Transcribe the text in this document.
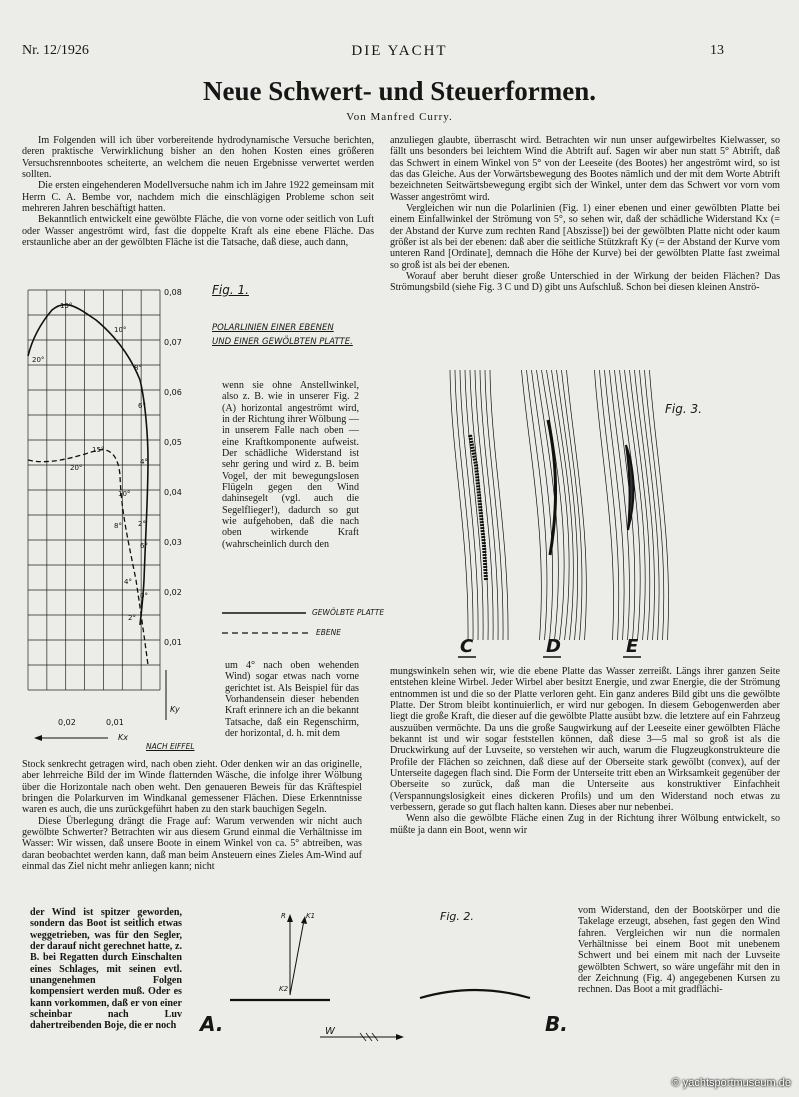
Nr. 12/1926	DIE YACHT	13
Neue Schwert- und Steuerformen.
Von Manfred Curry.

Im Folgenden will ich über vorbereitende hydrodynamische Versuche berichten, deren praktische Verwirklichung bisher an den hohen Kosten eines größeren Versuchsrennbootes scheiterte, an welchem die neuen Ergebnisse verwertet werden sollten.

Die ersten eingehenderen Modellversuche nahm ich im Jahre 1922 gemeinsam mit Herrn C. A. Bembe vor, nachdem mich die einschlägigen Probleme schon seit mehreren Jahren beschäftigt hatten.

Bekanntlich entwickelt eine gewölbte Fläche, die von vorne oder seitlich von Luft oder Wasser angeströmt wird, fast die doppelte Kraft als eine ebene Fläche. Das erstaunliche aber an der gewölbten Fläche ist die Tatsache, daß diese, auch dann,

0,08
0,07
0,06
0,05
0,04
0,03
0,02
0,01
0,02	0,01
Ky
Kx
15°
10°
8°
6°
4°
2°
0°
20°
15°
10°
8°
6°
4°
20°
2°
Fig. 1.
POLARLINIEN EINER EBENEN
UND EINER GEWÖLBTEN PLATTE.

wenn sie ohne Anstellwinkel, also z. B. wie in unserer Fig. 2 (A) horizontal angeströmt wird, in der Richtung ihrer Wölbung — in unserem Falle nach oben — eine Kraftkomponente aufweist. Der schädliche Widerstand ist sehr gering und wird z. B. beim Vogel, der mit bewegungslosen Flügeln gegen den Wind dahinsegelt (vgl. auch die Segelflieger!), dadurch so gut wie aufgehoben, daß die nach oben wirkende Kraft (wahrscheinlich durch den

GEWÖLBTE PLATTE
EBENE

um 4° nach oben wehenden Wind) sogar etwas nach vorne gerichtet ist. Als Beispiel für das Vorhandensein dieser hebenden Kraft erinnere ich an die bekannt Tatsache, daß ein Regenschirm, der horizontal, d. h. mit dem

NACH EIFFEL

Stock senkrecht getragen wird, nach oben zieht. Oder denken wir an das originelle, aber lehrreiche Bild der im Winde flatternden Wäsche, die infolge ihrer Wölbung über die Horizontale nach oben weht. Den genaueren Beweis für das Kräftespiel bringen die Polarkurven im Windkanal gemessener Flächen. Diese Erkenntnisse waren es auch, die uns zurückgeführt haben zu den stark bauchigen Segeln.

Diese Überlegung drängt die Frage auf: Warum verwenden wir nicht auch gewölbte Schwerter? Betrachten wir aus diesem Grund einmal die Verhältnisse im Wasser: Wir wissen, daß unsere Boote in einem Winkel von ca. 5° abtreiben, was daran beobachtet werden kann, daß man beim Ansteuern eines Zieles Am-Wind auf einmal das Ziel nicht mehr anliegen kann; nicht

der Wind ist spitzer geworden, sondern das Boot ist seitlich etwas weggetrieben, was für den Segler, der darauf nicht gerechnet hatte, z. B. bei Regatten durch Einschalten eines Schlages, mit seinen evtl. unangenehmen Folgen kompensiert werden muß. Oder es kann vorkommen, daß er von einer scheinbar nach Luv dahertreibenden Boje, die er noch

Fig. 2.
R	K1
K2
A.	B.
W

anzuliegen glaubte, überrascht wird. Betrachten wir nun unser aufgewirbeltes Kielwasser, so fällt uns besonders bei leichtem Wind die Abtrift auf. Sagen wir aber nun statt 5° Abtrift, daß das Schwert in einem Winkel von 5° von der Leeseite (des Bootes) her angeströmt wird, so ist das das Gleiche. Aus der Vorwärtsbewegung des Bootes nämlich und der mit dem Worte Abtrift bezeichneten Seitwärtsbewegung ergibt sich der Winkel, unter dem das Schwert vor vorn vom Wasser angeströmt wird.

Vergleichen wir nun die Polarlinien (Fig. 1) einer ebenen und einer gewölbten Platte bei einem Einfallwinkel der Strömung von 5°, so sehen wir, daß der schädliche Widerstand Kx (= der Abstand der Kurve zum rechten Rand [Abszisse]) bei der gewölbten Platte nicht oder kaum größer ist als bei der ebenen: daß aber die seitliche Stützkraft Ky (= der Abstand der Kurve vom unteren Rand [Ordinate], demnach die Höhe der Kurve) bei der gewölbten Platte fast zweimal so groß ist als bei der ebenen.

Worauf aber beruht dieser große Unterschied in der Wirkung der beiden Flächen? Das Strömungsbild (siehe Fig. 3 C und D) gibt uns Aufschluß. Schon bei diesen kleinen Anströ-

Fig. 3.
C	D	E

mungswinkeln sehen wir, wie die ebene Platte das Wasser zerreißt. Längs ihrer ganzen Seite entstehen kleine Wirbel. Jeder Wirbel aber besitzt Energie, und zwar Energie, die der Strömung entnommen ist und die so der Platte verloren geht. Ein ganz anderes Bild gibt uns die gewölbte Platte. Der Strom bleibt kontinuierlich, er wird nur gebogen. In diesem Gebogenwerden aber liegt die große Kraft, die dieser auf die gewölbte Platte ausübt bzw. die letztere auf ein Fahrzeug auszuüben vermöchte. Da uns die große Saugwirkung auf der Leeseite einer gewölbten Fläche bekannt ist und wir sogar feststellen können, daß diese 3—5 mal so groß ist als die Druckwirkung auf der Luvseite, so verstehen wir auch, warum die Flugzeugkonstrukteure die Profile der Flächen so zeichnen, daß diese auf der Oberseite stark gewölbt (convex), auf der Unterseite dagegen flach sind. Die Form der Unterseite tritt eben an Wirksamkeit gegenüber der Oberseite so zurück, daß man die Unterseite aus konstruktiver Einfachheit (Verspannungslosigkeit eines dickeren Profils) und um den Widerstand noch etwas zu verbessern, gerade so gut flach halten kann. Dieses aber nur nebenbei.

Wenn also die gewölbte Fläche einen Zug in der Richtung ihrer Wölbung entwickelt, so müßte ja dann ein Boot, wenn wir

vom Widerstand, den der Bootskörper und die Takelage erzeugt, absehen, fast gegen den Wind fahren. Vergleichen wir nun die normalen Verhältnisse bei einem Boot mit unebenem Schwert und bei einem mit nach der Luvseite gewölbten Schwert, so wäre ungefähr mit den in der Zeichnung (Fig. 4) angegebenen Kursen zu rechnen. Das Boot a mit gradflächi-

© yachtsportmuseum.de
